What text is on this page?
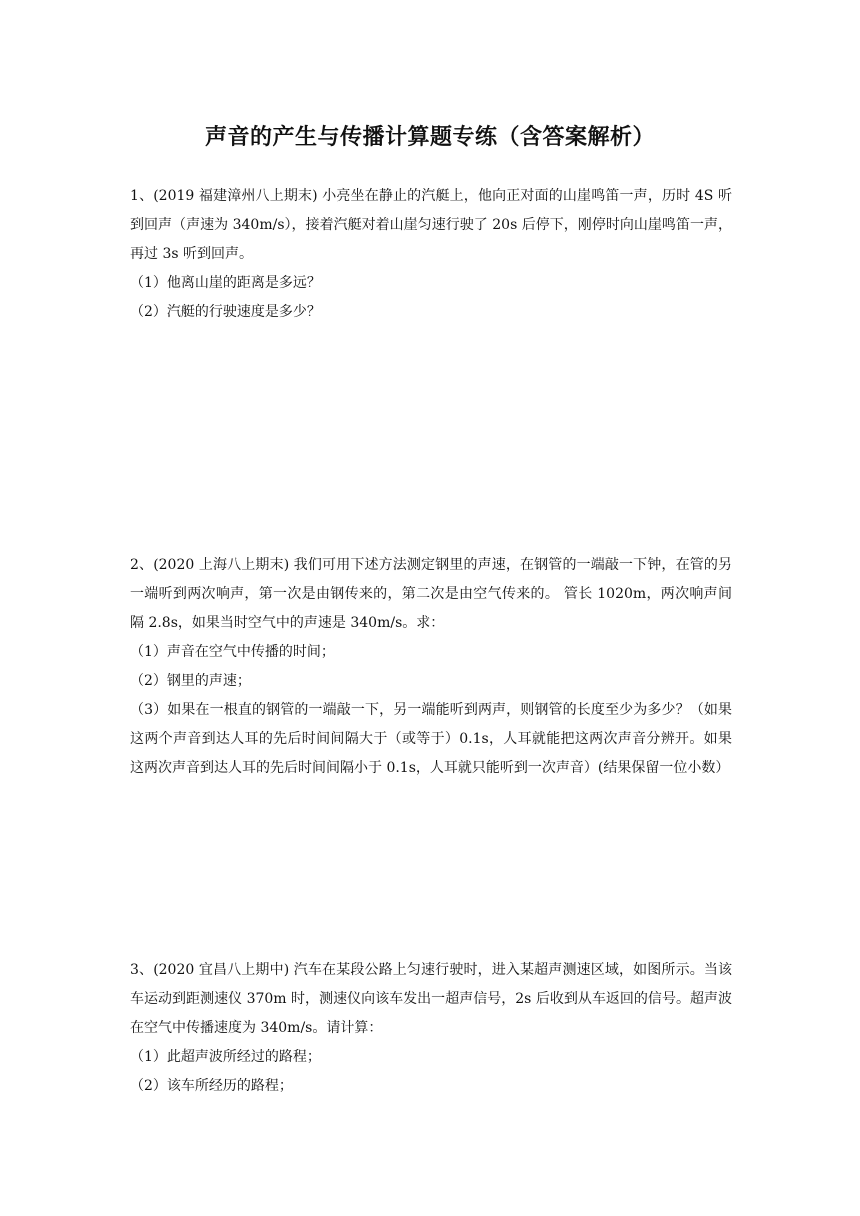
声音的产生与传播计算题专练（含答案解析）

1、(2019 福建漳州八上期末) 小亮坐在静止的汽艇上，他向正对面的山崖鸣笛一声，历时 4S 听到回声（声速为 340m/s），接着汽艇对着山崖匀速行驶了 20s 后停下，刚停时向山崖鸣笛一声，再过 3s 听到回声。

（1）他离山崖的距离是多远？

（2）汽艇的行驶速度是多少？

2、(2020 上海八上期末) 我们可用下述方法测定钢里的声速，在钢管的一端敲一下钟，在管的另一端听到两次响声，第一次是由钢传来的，第二次是由空气传来的。 管长 1020m，两次响声间隔 2.8s，如果当时空气中的声速是 340m/s。求：

（1）声音在空气中传播的时间；

（2）钢里的声速；

（3）如果在一根直的钢管的一端敲一下，另一端能听到两声，则钢管的长度至少为多少？（如果这两个声音到达人耳的先后时间间隔大于（或等于）0.1s，人耳就能把这两次声音分辨开。如果这两次声音到达人耳的先后时间间隔小于 0.1s，人耳就只能听到一次声音）(结果保留一位小数）

3、(2020 宜昌八上期中) 汽车在某段公路上匀速行驶时，进入某超声测速区域，如图所示。当该车运动到距测速仪 370m 时，测速仪向该车发出一超声信号，2s 后收到从车返回的信号。超声波在空气中传播速度为 340m/s。请计算：

（1）此超声波所经过的路程；

（2）该车所经历的路程；
